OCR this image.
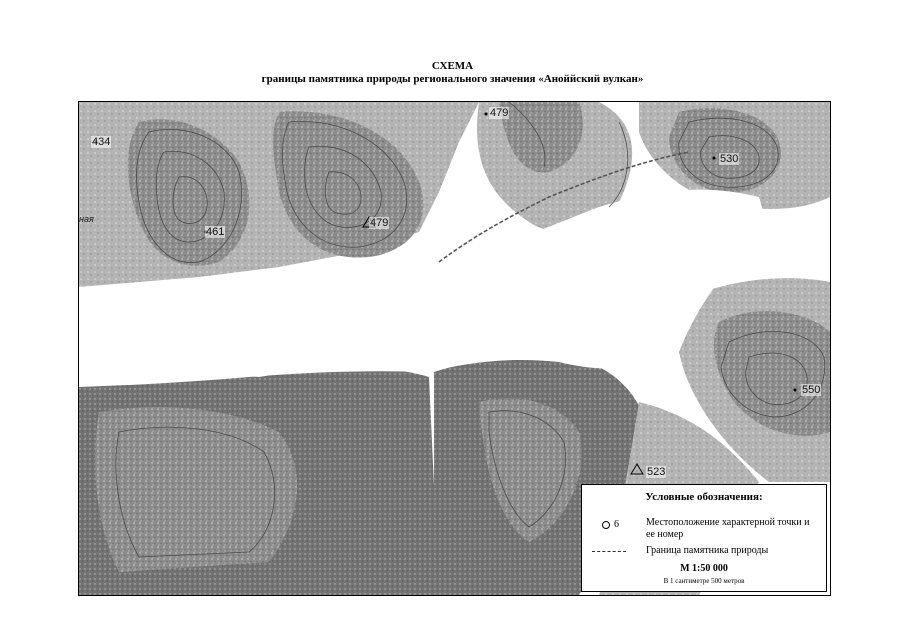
СХЕМА
границы памятника природы регионального значения «Аноййский вулкан»
434
461
479
479
530
550
523
ная
Условные обозначения:
6	Местоположение характерной точки и ее номер
Граница памятника природы
М 1:50 000
В 1 сантиметре 500 метров
